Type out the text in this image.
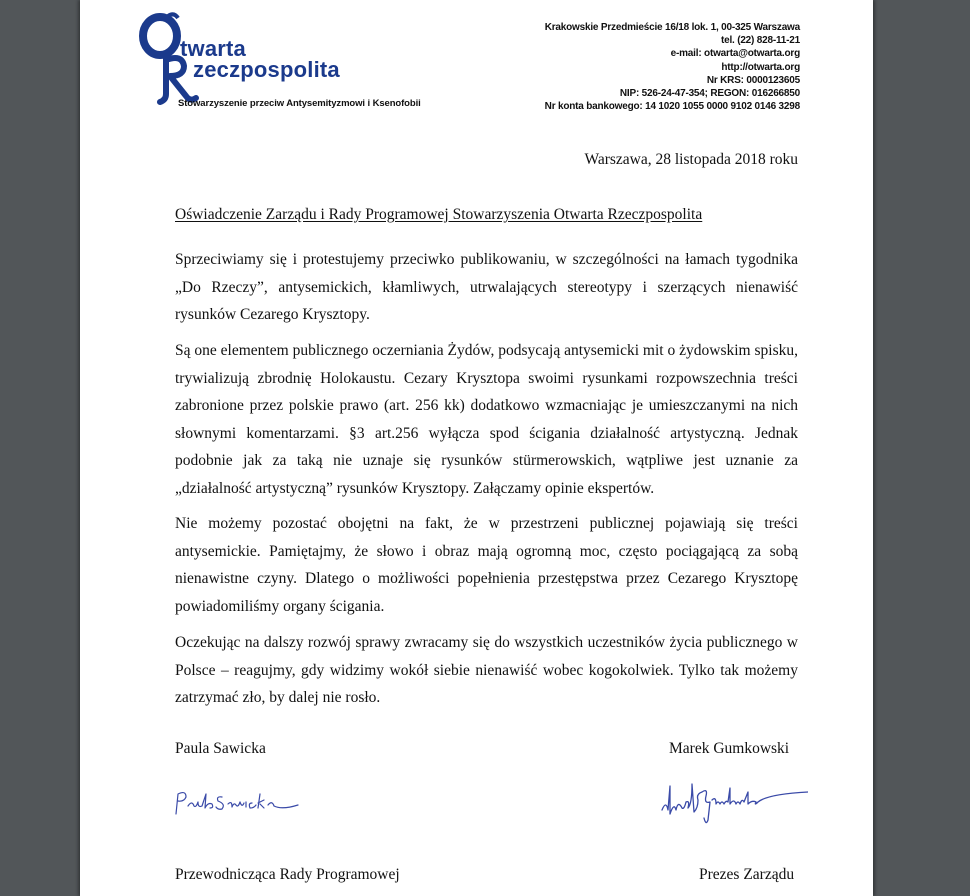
twarta
zeczpospolita
Stowarzyszenie przeciw Antysemityzmowi i Ksenofobii
Krakowskie Przedmieście 16/18 lok. 1, 00-325 Warszawa
tel. (22) 828-11-21
e-mail: otwarta@otwarta.org
http://otwarta.org
Nr KRS: 0000123605
NIP: 526-24-47-354; REGON: 016266850
Nr konta bankowego: 14 1020 1055 0000 9102 0146 3298
Warszawa, 28 listopada 2018 roku
Oświadczenie Zarządu i Rady Programowej Stowarzyszenia Otwarta Rzeczpospolita

Sprzeciwiamy się i protestujemy przeciwko publikowaniu, w szczególności na łamach tygodnika „Do Rzeczy”, antysemickich, kłamliwych, utrwalających stereotypy i szerzących nienawiść rysunków Cezarego Krysztopy.

Są one elementem publicznego oczerniania Żydów, podsycają antysemicki mit o żydowskim spisku, trywializują zbrodnię Holokaustu. Cezary Krysztopa swoimi rysunkami rozpowszechnia treści zabronione przez polskie prawo (art. 256 kk) dodatkowo wzmacniając je umieszczanymi na nich słownymi komentarzami. §3 art.256 wyłącza spod ścigania działalność artystyczną. Jednak podobnie jak za taką nie uznaje się rysunków stürmerowskich, wątpliwe jest uznanie za „działalność artystyczną” rysunków Krysztopy. Załączamy opinie ekspertów.

Nie możemy pozostać obojętni na fakt, że w przestrzeni publicznej pojawiają się treści antysemickie. Pamiętajmy, że słowo i obraz mają ogromną moc, często pociągającą za sobą nienawistne czyny. Dlatego o możliwości popełnienia przestępstwa przez Cezarego Krysztopę powiadomiliśmy organy ścigania.

Oczekując na dalszy rozwój sprawy zwracamy się do wszystkich uczestników życia publicznego w Polsce – reagujmy, gdy widzimy wokół siebie nienawiść wobec kogokolwiek. Tylko tak możemy zatrzymać zło, by dalej nie rosło.

Paula Sawicka	Marek Gumkowski
Przewodnicząca Rady Programowej	Prezes Zarządu
